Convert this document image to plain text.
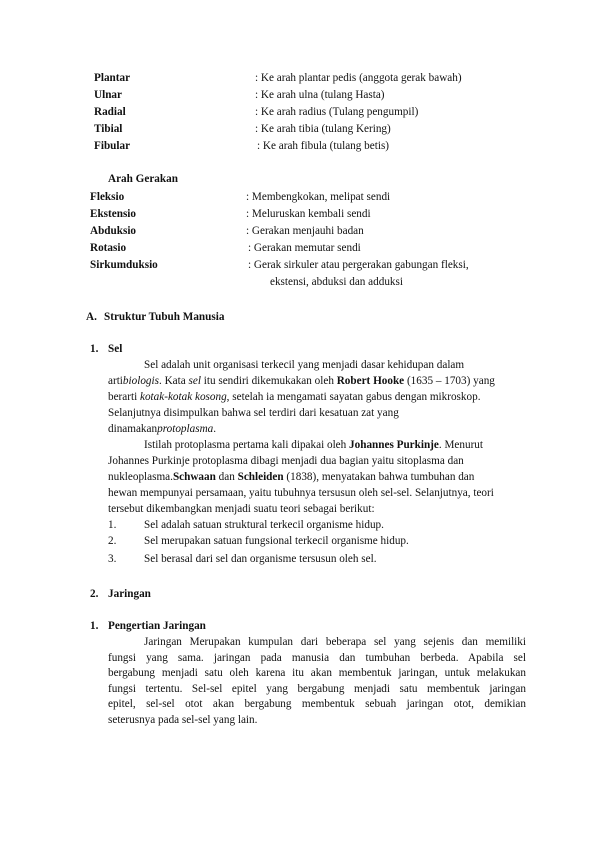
Plantar	: Ke arah plantar pedis (anggota gerak bawah)
Ulnar	: Ke arah ulna (tulang Hasta)
Radial	: Ke arah radius (Tulang pengumpil)
Tibial	: Ke arah tibia (tulang Kering)
Fibular	: Ke arah fibula (tulang betis)
Arah Gerakan
Fleksio	: Membengkokan, melipat sendi
Ekstensio	: Meluruskan kembali sendi
Abduksio	: Gerakan menjauhi badan
Rotasio	: Gerakan memutar sendi
Sirkumduksio	: Gerak sirkuler atau pergerakan gabungan fleksi,
ekstensi, abduksi dan adduksi
A. Struktur Tubuh Manusia
1. Sel
Sel adalah unit organisasi terkecil yang menjadi dasar kehidupan dalam
artibiologis. Kata sel itu sendiri dikemukakan oleh Robert Hooke (1635 – 1703) yang
berarti kotak-kotak kosong, setelah ia mengamati sayatan gabus dengan mikroskop.
Selanjutnya disimpulkan bahwa sel terdiri dari kesatuan zat yang
dinamakanprotoplasma.
Istilah protoplasma pertama kali dipakai oleh Johannes Purkinje. Menurut
Johannes Purkinje protoplasma dibagi menjadi dua bagian yaitu sitoplasma dan
nukleoplasma.Schwaan dan Schleiden (1838), menyatakan bahwa tumbuhan dan
hewan mempunyai persamaan, yaitu tubuhnya tersusun oleh sel-sel. Selanjutnya, teori
tersebut dikembangkan menjadi suatu teori sebagai berikut:
1. Sel adalah satuan struktural terkecil organisme hidup.
2. Sel merupakan satuan fungsional terkecil organisme hidup.
3. Sel berasal dari sel dan organisme tersusun oleh sel.
2. Jaringan
1. Pengertian Jaringan
Jaringan Merupakan kumpulan dari beberapa sel yang sejenis dan memiliki
fungsi yang sama. jaringan pada manusia dan tumbuhan berbeda. Apabila sel
bergabung menjadi satu oleh karena itu akan membentuk jaringan, untuk melakukan
fungsi tertentu. Sel-sel epitel yang bergabung menjadi satu membentuk jaringan
epitel, sel-sel otot akan bergabung membentuk sebuah jaringan otot, demikian
seterusnya pada sel-sel yang lain.
